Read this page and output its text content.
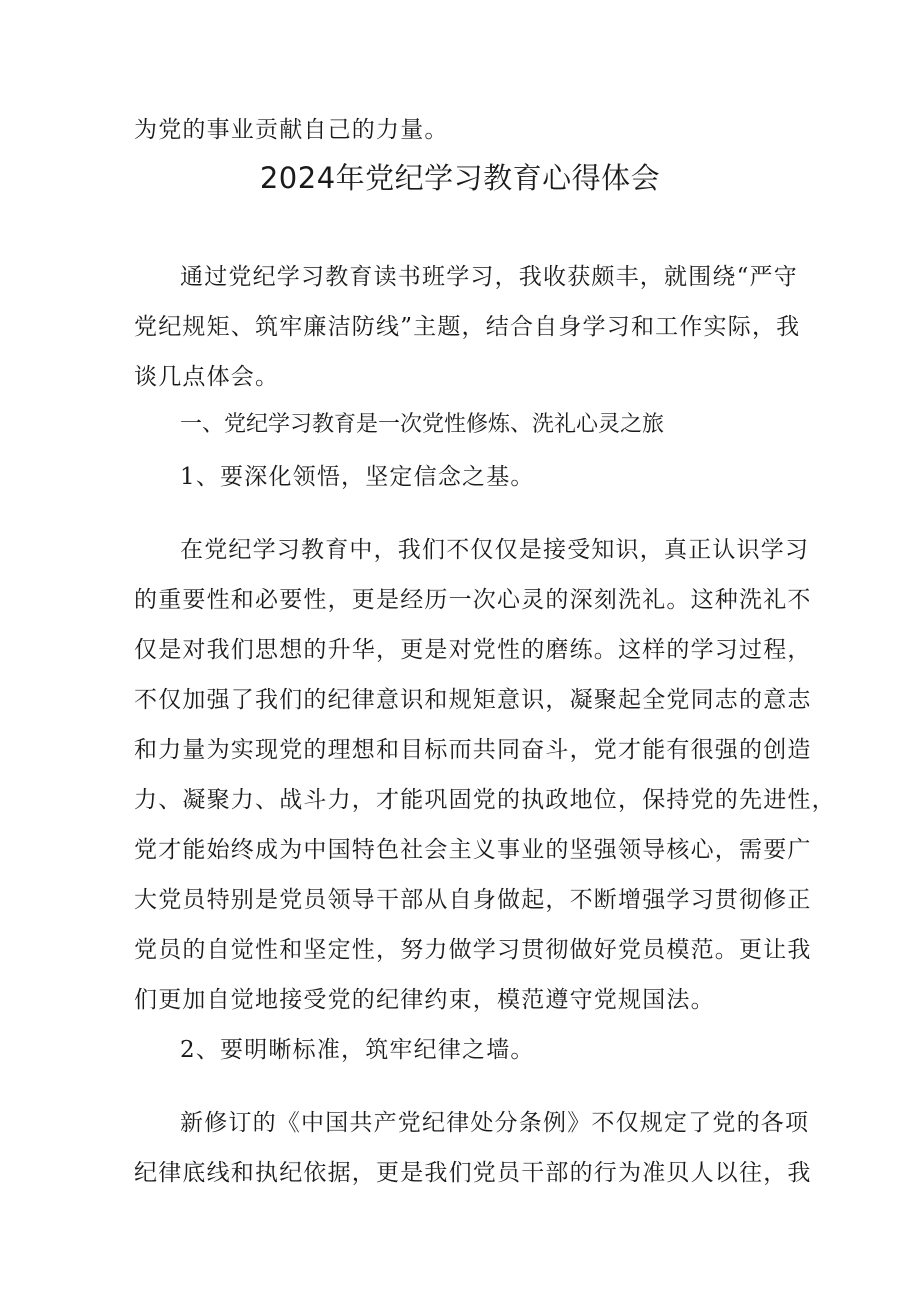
为党的事业贡献自己的力量。
2024年党纪学习教育心得体会
通过党纪学习教育读书班学习，我收获颇丰，就围绕“严守
党纪规矩、筑牢廉洁防线”主题，结合自身学习和工作实际，我
谈几点体会。
一、党纪学习教育是一次党性修炼、洗礼心灵之旅
1、要深化领悟，坚定信念之基。
在党纪学习教育中，我们不仅仅是接受知识，真正认识学习
的重要性和必要性，更是经历一次心灵的深刻洗礼。这种洗礼不
仅是对我们思想的升华，更是对党性的磨练。这样的学习过程，
不仅加强了我们的纪律意识和规矩意识，凝聚起全党同志的意志
和力量为实现党的理想和目标而共同奋斗，党才能有很强的创造
力、凝聚力、战斗力，才能巩固党的执政地位，保持党的先进性，
党才能始终成为中国特色社会主义事业的坚强领导核心，需要广
大党员特别是党员领导干部从自身做起，不断增强学习贯彻修正
党员的自觉性和坚定性，努力做学习贯彻做好党员模范。更让我
们更加自觉地接受党的纪律约束，模范遵守党规国法。
2、要明晰标准，筑牢纪律之墙。
新修订的《中国共产党纪律处分条例》不仅规定了党的各项
纪律底线和执纪依据，更是我们党员干部的行为准贝人以往，我
